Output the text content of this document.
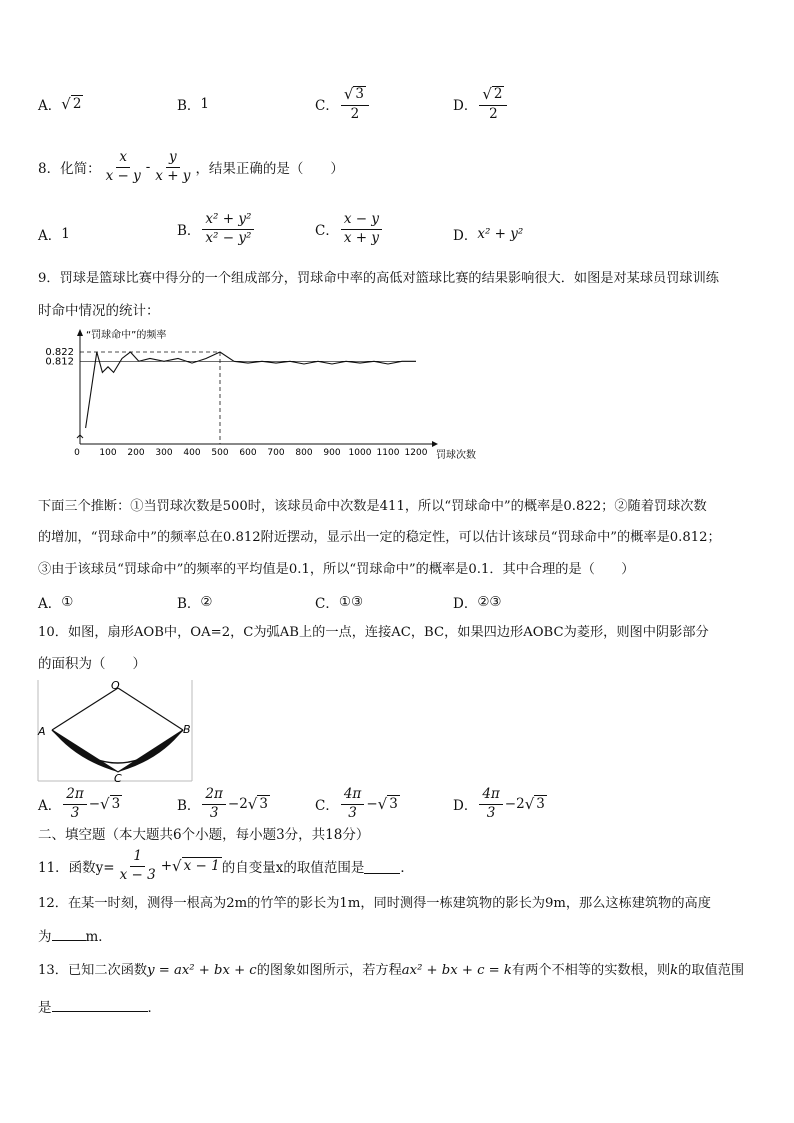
A． √ 2	B． 1	C． $\frac{√ 3}{2}$	D． $\frac{√ 2}{2}$
8．化简： $\frac{x}{x - y} - \frac{y}{x + y}$ ，结果正确的是（　　）
A． 1	B． $\frac{\text{x² + y²}}{\text{x² − y²}}$	C． $\frac{x - y}{x + y}$	D． x² + y²
9．罚球是篮球比赛中得分的一个组成部分，罚球命中率的高低对篮球比赛的结果影响很大．如图是对某球员罚球训练
时命中情况的统计：
“罚球命中”的频率
罚球次数
0 100 200 300 400 500 600 700 800 900 1000 1100 1200
0.822
0.812
下面三个推断：①当罚球次数是500时，该球员命中次数是411，所以“罚球命中”的概率是0.822；②随着罚球次数
的增加，“罚球命中”的频率总在0.812附近摆动，显示出一定的稳定性，可以估计该球员“罚球命中”的概率是0.812；
③由于该球员“罚球命中”的频率的平均值是0.1，所以“罚球命中”的概率是0.1．其中合理的是（　　）
A． ①	B． ②	C． ①③	D． ②③
10．如图，扇形AOB中，OA=2，C为弧AB上的一点，连接AC，BC，如果四边形AOBC为菱形，则图中阴影部分
的面积为（　　）
O
A	B
C
A． $\frac{2\pi}{3}$ − √ 3	B． $\frac{2\pi}{3} -2$ √ 3	C． $\frac{4\pi}{3}$ − √ 3	D． $\frac{4\pi}{3} -2$ √ 3
二、填空题（本大题共6个小题，每小题3分，共18分）
11．函数$y= \frac{1}{x - 3}$ + √ x − 1 的自变量x的取值范围是	．
12．在某一时刻，测得一根高为2m的竹竿的影长为1m，同时测得一栋建筑物的影长为9m，那么这栋建筑物的高度
为	m．
13．已知二次函数y = ax² + bx + c的图象如图所示，若方程ax² + bx + c = k有两个不相等的实数根，则k的取值范围
是	．
